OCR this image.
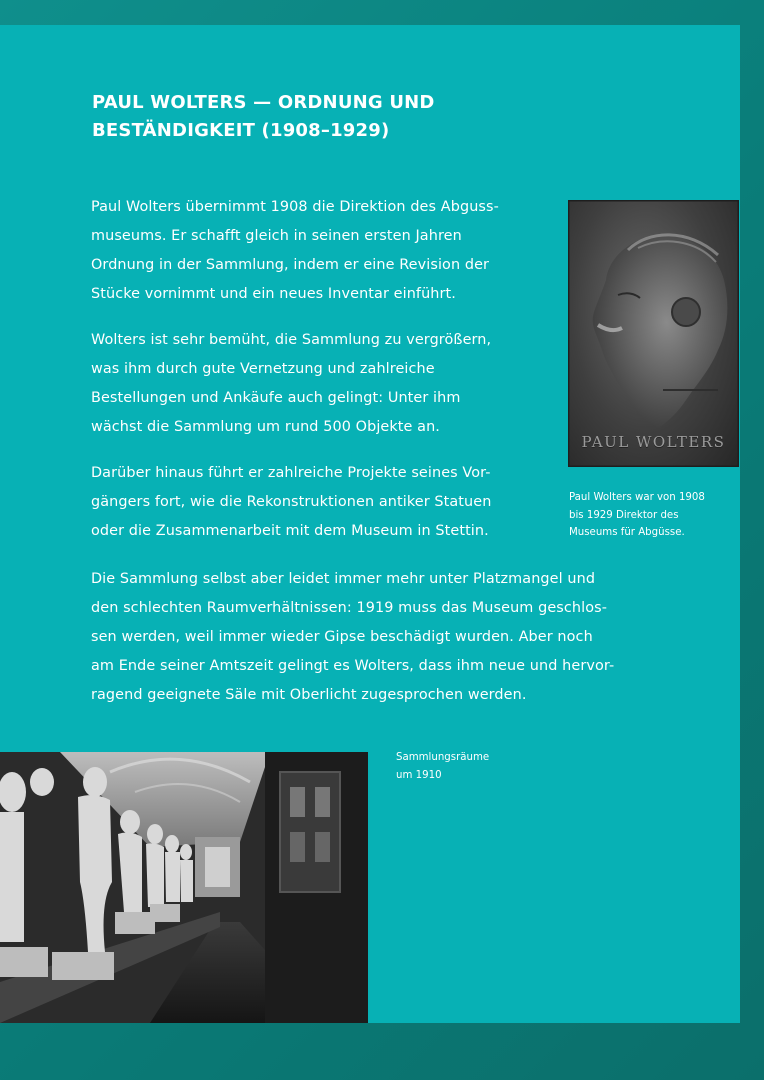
PAUL WOLTERS — ORDNUNG UND
BESTÄNDIGKEIT (1908–1929)

Paul Wolters übernimmt 1908 die Direktion des Abguss-
museums. Er schafft gleich in seinen ersten Jahren
Ordnung in der Sammlung, indem er eine Revision der
Stücke vornimmt und ein neues Inventar einführt.

Wolters ist sehr bemüht, die Sammlung zu vergrößern,
was ihm durch gute Vernetzung und zahlreiche
Bestellungen und Ankäufe auch gelingt: Unter ihm
wächst die Sammlung um rund 500 Objekte an.

Darüber hinaus führt er zahlreiche Projekte seines Vor-
gängers fort, wie die Rekonstruktionen antiker Statuen
oder die Zusammenarbeit mit dem Museum in Stettin.

Die Sammlung selbst aber leidet immer mehr unter Platzmangel und
den schlechten Raumverhältnissen: 1919 muss das Museum geschlos-
sen werden, weil immer wieder Gipse beschädigt wurden. Aber noch
am Ende seiner Amtszeit gelingt es Wolters, dass ihm neue und hervor-
ragend geeignete Säle mit Oberlicht zugesprochen werden.

PAUL WOLTERS

Paul Wolters war von 1908
bis 1929 Direktor des
Museums für Abgüsse.

Sammlungsräume
um 1910
